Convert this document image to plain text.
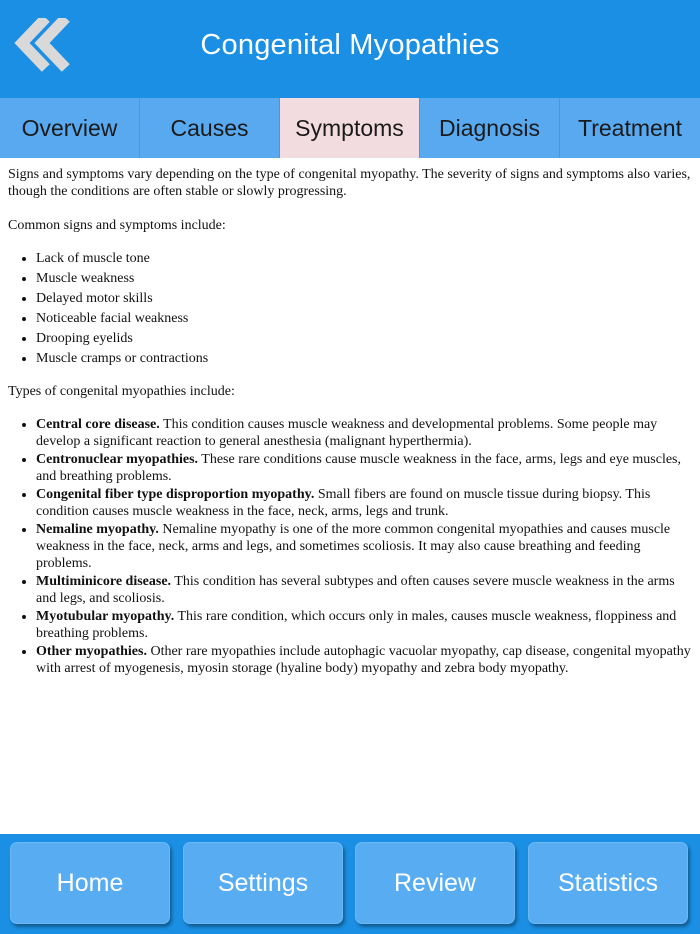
Congenital Myopathies
Overview	Causes	Symptoms	Diagnosis	Treatment

Signs and symptoms vary depending on the type of congenital myopathy. The severity of signs and symptoms also varies, though the conditions are often stable or slowly progressing.

Common signs and symptoms include:

• Lack of muscle tone
• Muscle weakness
• Delayed motor skills
• Noticeable facial weakness
• Drooping eyelids
• Muscle cramps or contractions

Types of congenital myopathies include:

• Central core disease. This condition causes muscle weakness and developmental problems. Some people may develop a significant reaction to general anesthesia (malignant hyperthermia).
• Centronuclear myopathies. These rare conditions cause muscle weakness in the face, arms, legs and eye muscles, and breathing problems.
• Congenital fiber type disproportion myopathy. Small fibers are found on muscle tissue during biopsy. This condition causes muscle weakness in the face, neck, arms, legs and trunk.
• Nemaline myopathy. Nemaline myopathy is one of the more common congenital myopathies and causes muscle weakness in the face, neck, arms and legs, and sometimes scoliosis. It may also cause breathing and feeding problems.
• Multiminicore disease. This condition has several subtypes and often causes severe muscle weakness in the arms and legs, and scoliosis.
• Myotubular myopathy. This rare condition, which occurs only in males, causes muscle weakness, floppiness and breathing problems.
• Other myopathies. Other rare myopathies include autophagic vacuolar myopathy, cap disease, congenital myopathy with arrest of myogenesis, myosin storage (hyaline body) myopathy and zebra body myopathy.
Home	Settings	Review	Statistics
